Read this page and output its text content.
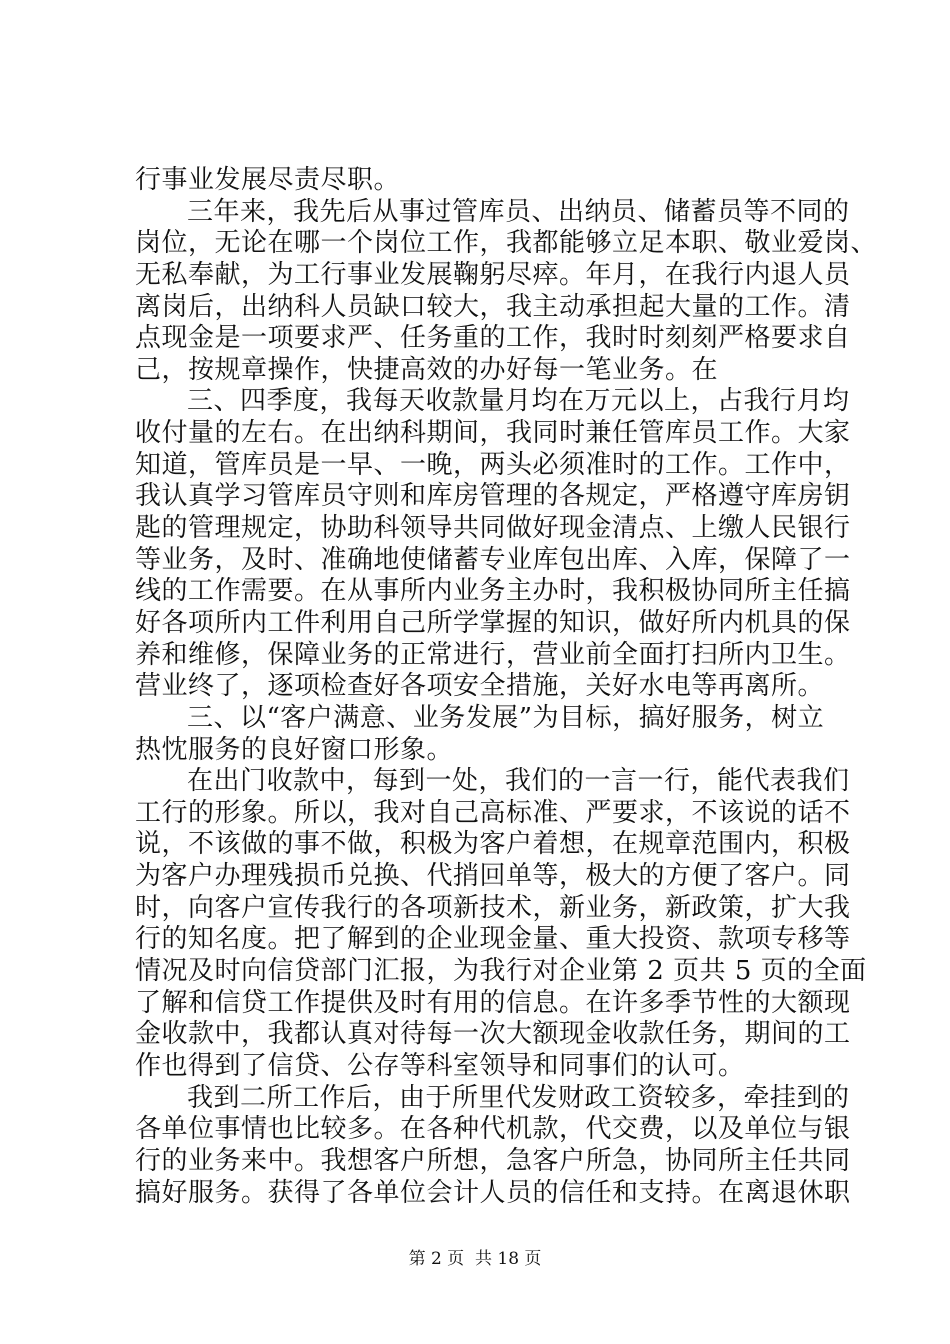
行事业发展尽责尽职。
三年来，我先后从事过管库员、出纳员、储蓄员等不同的
岗位，无论在哪一个岗位工作，我都能够立足本职、敬业爱岗、
无私奉献，为工行事业发展鞠躬尽瘁。年月，在我行内退人员
离岗后，出纳科人员缺口较大，我主动承担起大量的工作。清
点现金是一项要求严、任务重的工作，我时时刻刻严格要求自
己，按规章操作，快捷高效的办好每一笔业务。在
三、四季度，我每天收款量月均在万元以上，占我行月均
收付量的左右。在出纳科期间，我同时兼任管库员工作。大家
知道，管库员是一早、一晚，两头必须准时的工作。工作中，
我认真学习管库员守则和库房管理的各规定，严格遵守库房钥
匙的管理规定，协助科领导共同做好现金清点、上缴人民银行
等业务，及时、准确地使储蓄专业库包出库、入库，保障了一
线的工作需要。在从事所内业务主办时，我积极协同所主任搞
好各项所内工件利用自己所学掌握的知识，做好所内机具的保
养和维修，保障业务的正常进行，营业前全面打扫所内卫生。
营业终了，逐项检查好各项安全措施，关好水电等再离所。
三、以“客户满意、业务发展”为目标，搞好服务，树立
热忱服务的良好窗口形象。
在出门收款中，每到一处，我们的一言一行，能代表我们
工行的形象。所以，我对自己高标准、严要求，不该说的话不
说，不该做的事不做，积极为客户着想，在规章范围内，积极
为客户办理残损币兑换、代捎回单等，极大的方便了客户。同
时，向客户宣传我行的各项新技术，新业务，新政策，扩大我
行的知名度。把了解到的企业现金量、重大投资、款项专移等
情况及时向信贷部门汇报，为我行对企业第 2 页共 5 页的全面
了解和信贷工作提供及时有用的信息。在许多季节性的大额现
金收款中，我都认真对待每一次大额现金收款任务，期间的工
作也得到了信贷、公存等科室领导和同事们的认可。
我到二所工作后，由于所里代发财政工资较多，牵挂到的
各单位事情也比较多。在各种代机款，代交费，以及单位与银
行的业务来中。我想客户所想，急客户所急，协同所主任共同
搞好服务。获得了各单位会计人员的信任和支持。在离退休职
第 2 页  共 18 页
